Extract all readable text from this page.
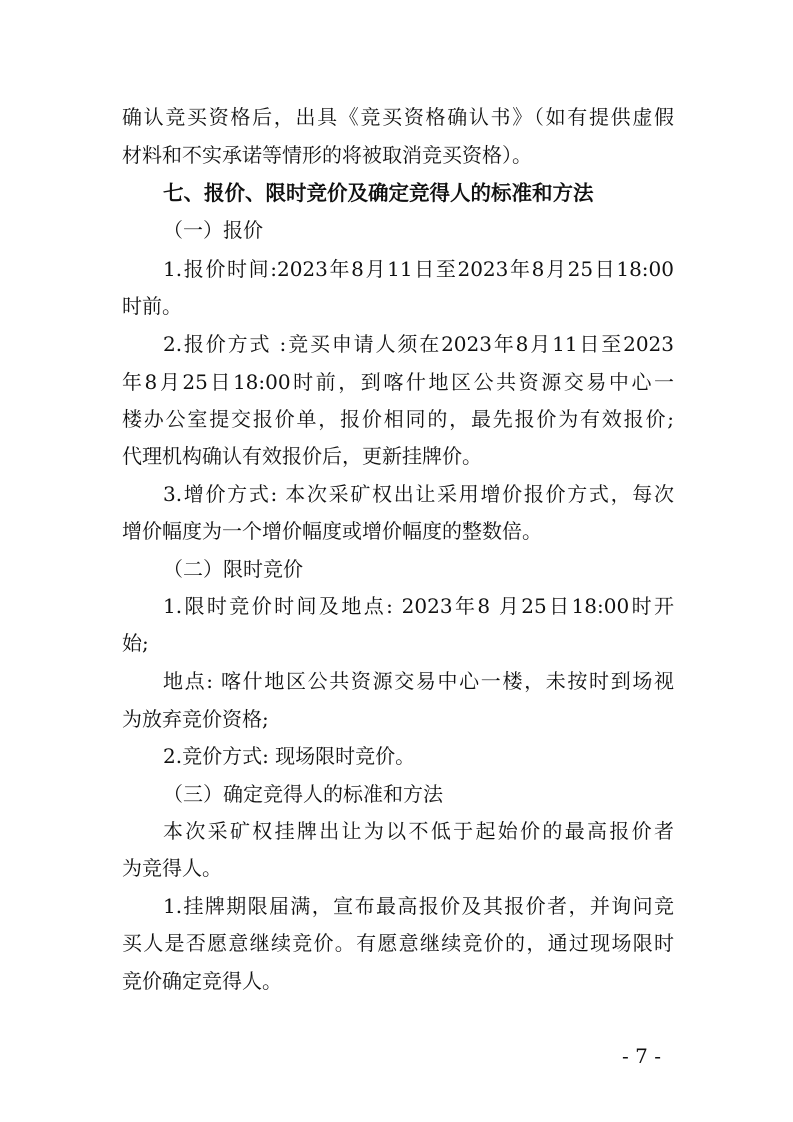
确认竞买资格后，出具《竞买资格确认书》（如有提供虚假
材料和不实承诺等情形的将被取消竞买资格）。
七、报价、限时竞价及确定竞得人的标准和方法
（一）报价
1.报价时间:2023年8月11日至2023年8月25日18:00
时前。
2.报价方式 :竞买申请人须在2023年8月11日至2023
年8月25日18:00时前，到喀什地区公共资源交易中心一
楼办公室提交报价单，报价相同的，最先报价为有效报价;
代理机构确认有效报价后，更新挂牌价。
3.增价方式: 本次采矿权出让采用增价报价方式，每次
增价幅度为一个增价幅度或增价幅度的整数倍。
（二）限时竞价
1.限时竞价时间及地点: 2023年8 月25日18:00时开
始;
地点: 喀什地区公共资源交易中心一楼，未按时到场视
为放弃竞价资格;
2.竞价方式: 现场限时竞价。
（三）确定竞得人的标准和方法
本次采矿权挂牌出让为以不低于起始价的最高报价者
为竞得人。
1.挂牌期限届满，宣布最高报价及其报价者，并询问竞
买人是否愿意继续竞价。有愿意继续竞价的，通过现场限时
竞价确定竞得人。
- 7 -
